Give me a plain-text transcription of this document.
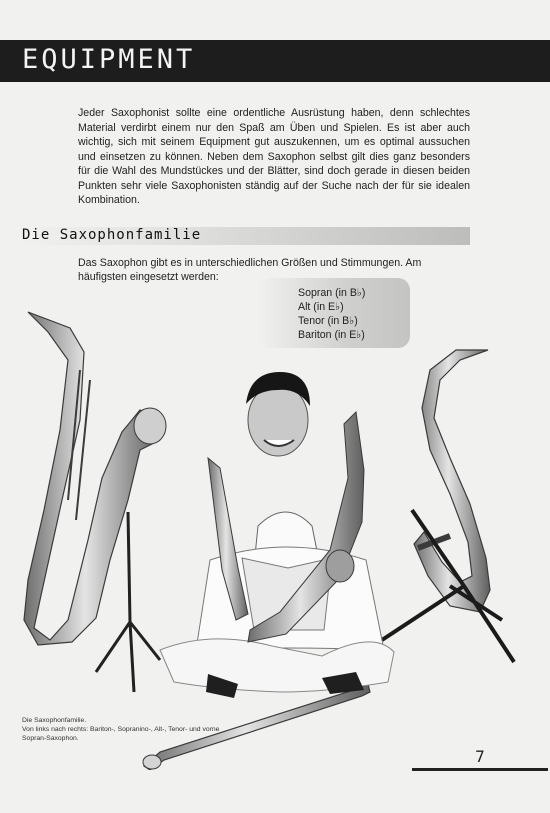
EQUIPMENT

Jeder Saxophonist sollte eine ordentliche Ausrüstung haben, denn schlechtes Material verdirbt einem nur den Spaß am Üben und Spielen. Es ist aber auch wichtig, sich mit seinem Equipment gut auszukennen, um es optimal aussuchen und einsetzen zu können. Neben dem Saxophon selbst gilt dies ganz besonders für die Wahl des Mundstückes und der Blätter, sind doch gerade in diesen beiden Punkten sehr viele Saxophonisten ständig auf der Suche nach der für sie idealen Kombination.

Die Saxophonfamilie

Das Saxophon gibt es in unterschiedlichen Größen und Stimmungen. Am häufigsten eingesetzt werden:

Sopran (in B♭)
Alt (in E♭)
Tenor (in B♭)
Bariton (in E♭)

Die Saxophonfamilie.
Von links nach rechts: Bariton-, Sopranino-, Alt-, Tenor- und vorne Sopran-Saxophon.

7
